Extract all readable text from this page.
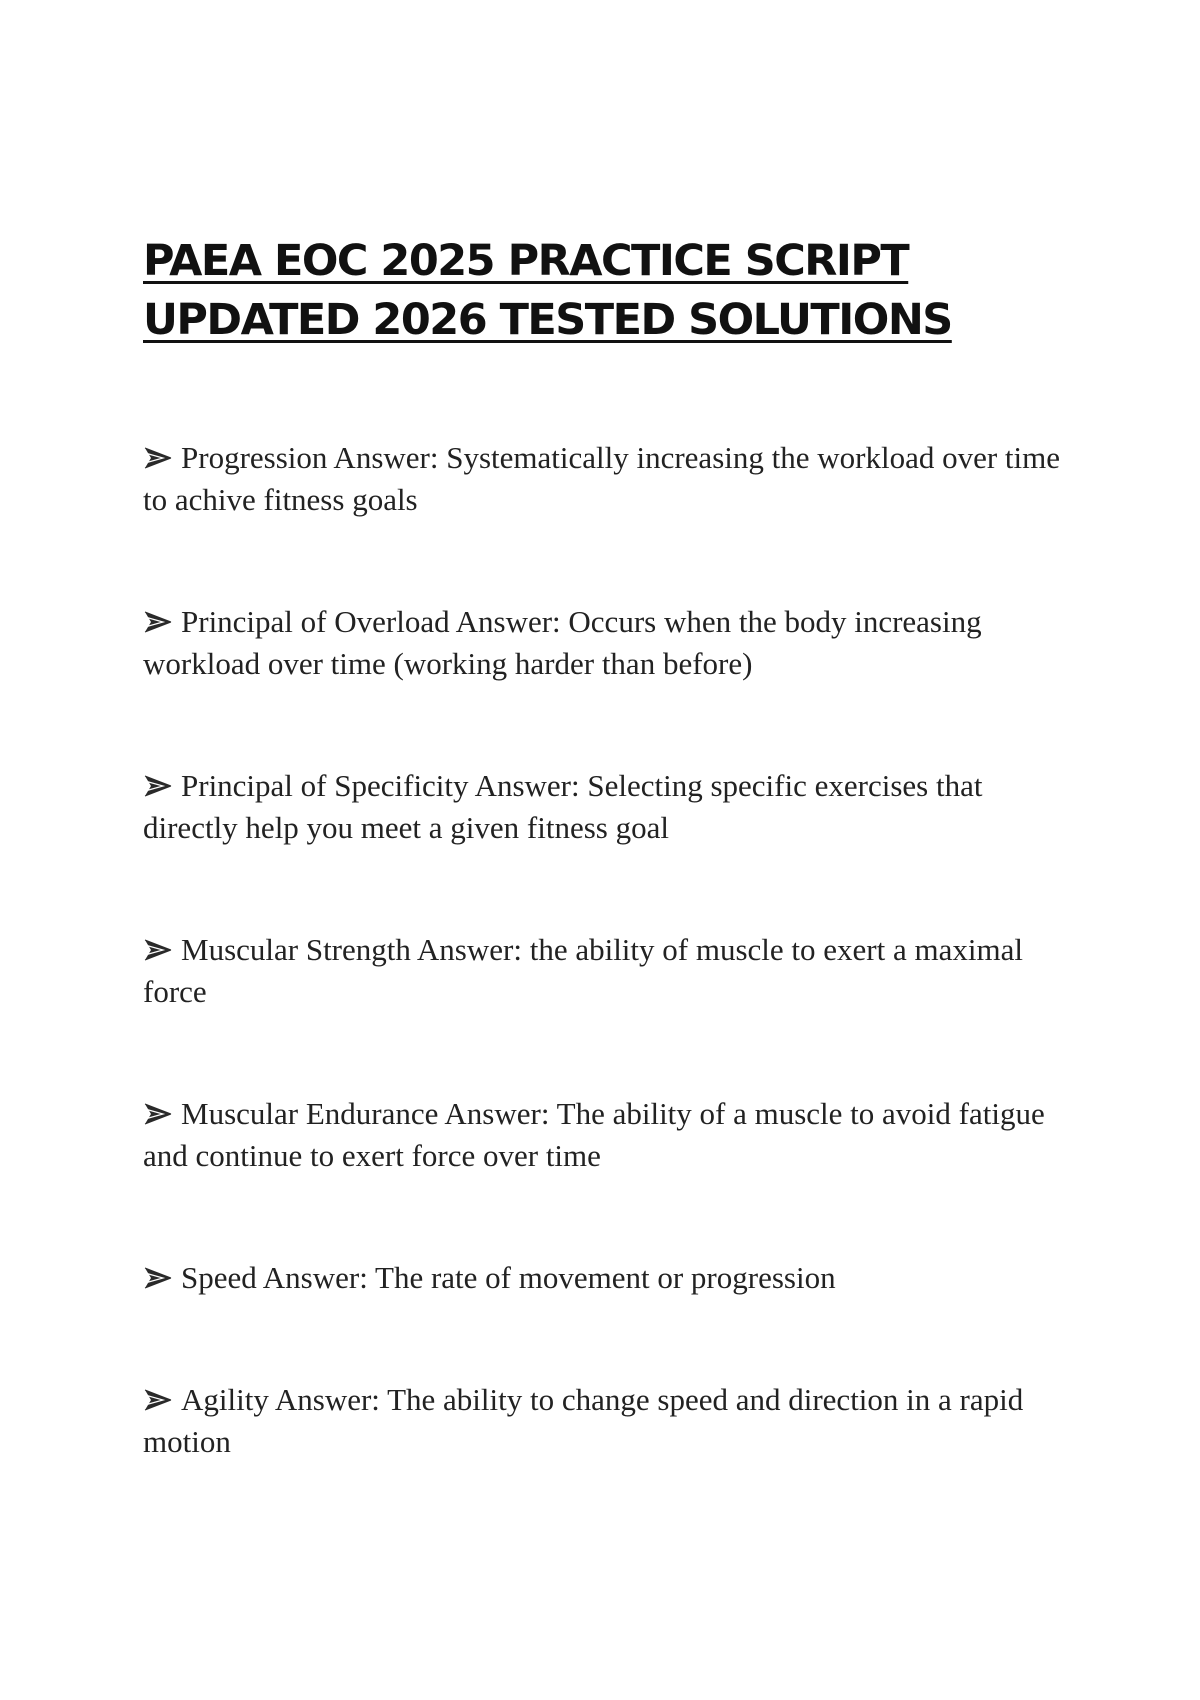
PAEA EOC 2025 PRACTICE SCRIPT
UPDATED 2026 TESTED SOLUTIONS
Progression Answer: Systematically increasing the workload over time to achive fitness goals
Principal of Overload Answer: Occurs when the body increasing workload over time (working harder than before)
Principal of Specificity Answer: Selecting specific exercises that directly help you meet a given fitness goal
Muscular Strength Answer: the ability of muscle to exert a maximal force
Muscular Endurance Answer: The ability of a muscle to avoid fatigue and continue to exert force over time
Speed Answer: The rate of movement or progression
Agility Answer: The ability to change speed and direction in a rapid motion
